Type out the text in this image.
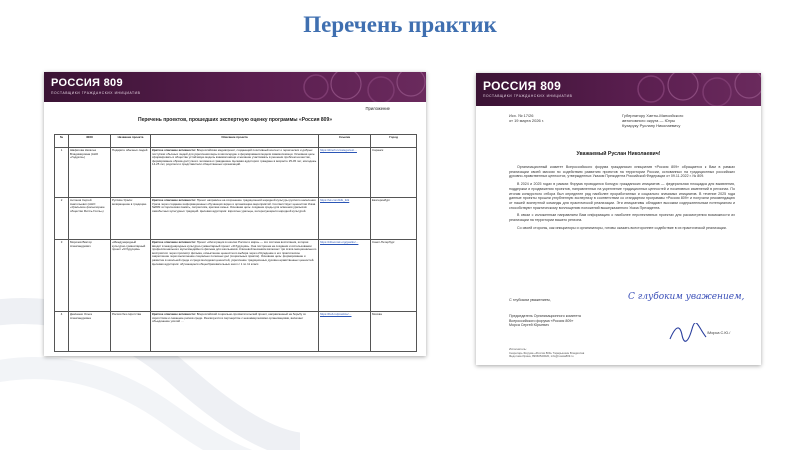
Перечень практик
РОССИЯ 809
ПОСТАВЩИКИ ГРАЖДАНСКИХ ИНИЦИАТИВ
Приложение
Перечень проектов, прошедших экспертную оценку программы «Россия 809»
№	ФИО	Название проекта	Описание проекта	Ссылка	Город
1	Шафигова Наталья Владимировна (АНО «Годдати»)	Подарите обычных людей	Краткое описание активности: Всероссийская медиапроект, создающий позитивный контент о героических и добрых поступках обычных людей для укрепления веры в милосердие и формирования модели взаимопомощи. Основная цель: сформировать в обществе устойчивую модель взаимопомощи и желание участвовать в решении проблем на местах, формирование образа доступного человека и гражданина. Целевая аудитория: граждане в возрасте 25-45 лет, молодежь 14-25 лет, родители и представители общественных организаций.	https://dinoh.ru/categories/…	Саранск
2	Антонов Сергей Анатольевич (АНО «Уральское фольклорное общество Филть-Голль»)	Русские Урала: возвращение в традицию	Краткое описание активности: Проект направлен на сохранение традиционной народной культуры русского населения Урала через создание информационных обучающих видео и организацию мероприятий. Соответствует ценностям Указа №809: историческая память, патриотизм, крепкая семья. Основная цель: создание среды для освоения уральских самобытных культурных традиций. Целевая аудитория: взрослые уральцы, интересующиеся народной культурой.	https://vk.com/folk_folk	Екатеринбург
3	Морозов Виктор Александрович	«Международный культурно-гуманитарный проект «Я будущим»	Краткое описание активности: Проект «Интеграция в школах России и мира» — это система воспитания, которая вводит в международные культурно-гуманитарный проект «Я будущим». Она построена на создании и использовании профессионального мультимедийного фильма для школьников. Ключевой механизм включает три этапа эмоционального восприятия: через просмотр фильма, осмысление ценностного выбора через обсуждение и его практическое закрепление через выполнение социально полезных дел (социальных практик). Основная цель: формирование и развитие в школьной среде и среди молодежи ценностей, укрепление традиционных духовно-нравственных ценностей. Целевая аудитория: обучающиеся общеобразовательных школ с 1 по 11 класс.	https://rdtoomsk.org/gas/ks/…	Санкт-Петербург
4	Демченко Ольга Александровна	Россия без сиротства	Краткое описание активности: Всероссийский социально-просветительский проект, направленный на борьбу со сиротством и снижение рисков среди. Реализуется в партнерстве с некоммерческими организациями, включает объединение усилий …	https://hub.ru/practice/…	Москва
РОССИЯ 809
ПОСТАВЩИКИ ГРАЖДАНСКИХ ИНИЦИАТИВ
Исх. № 17/26
от 19 марта 2026 г.
Губернатору Ханты-Мансийского
автономного округа — Югры
Кухаруку Руслану Николаевичу
Уважаемый Руслан Николаевич!

Организационный комитет Всероссийского форума гражданских инициатив «Россия 809» обращается к Вам в рамках реализации своей миссии по содействию развитию проектов на территории России, основанных на традиционных российских духовно-нравственных ценностях, утвержденных Указом Президента Российской Федерации от 09.11.2022 г. № 809.

В 2024 и 2025 годах в рамках Форума проводился Конкурс гражданских инициатив — федеральная площадка для выявления, поддержки и продвижения проектов, направленных на укрепление традиционных ценностей и позитивных изменений в регионах. По итогам конкурсного отбора был определен ряд наиболее проработанных и социально значимых инициатив. В течение 2025 года данные проекты прошли углубленную экспертизу в соответствии со стандартом программы «Россия 809» и получили рекомендацию от нашей экспертной команды для практической реализации. Эти инициативы обладают высоким содержательным потенциалом и способствуют практическому воплощению положений вышеуказанного Указа Президента.

В связи с изложенным направляем Вам информацию о наиболее перспективных проектах для рассмотрения возможности их реализации на территории вашего региона.

Со своей стороны, как инициаторы и организаторы, готовы оказать всестороннее содействие в их практической реализации.

С глубоким уважением,	С глубоким уважением,
Председатель Организационного комитета
Всероссийского форума «Россия 809»
Морса Сергей Юрьевич
/Морса С.Ю./
Исполнитель:
Секретарь Форума «Россия 809» Тарарышкин Владислав
Федотова Ирина, 89660520020, info@russia809.ru
